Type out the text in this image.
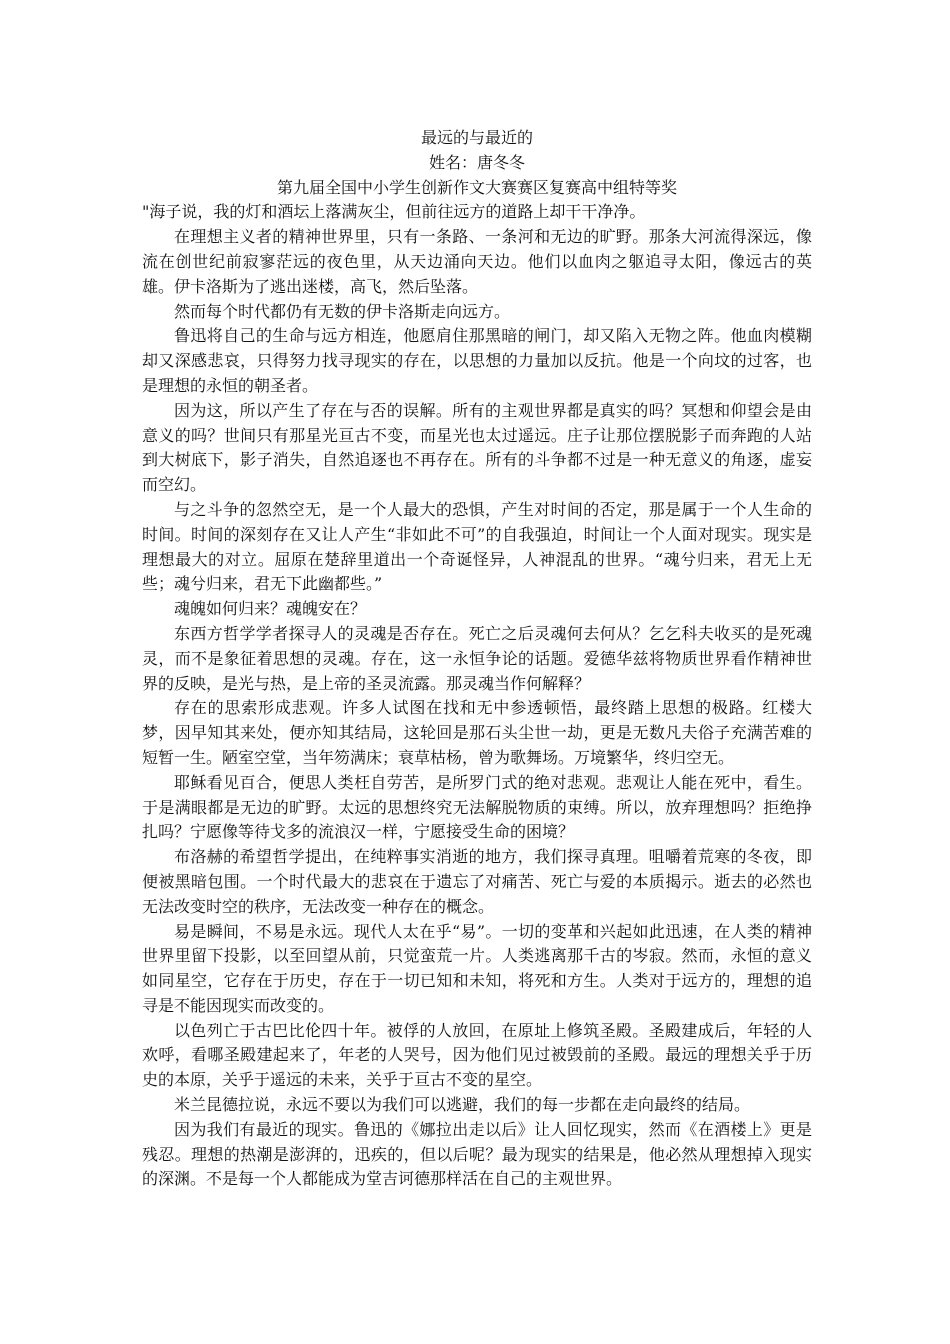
最远的与最近的

姓名：唐冬冬

第九届全国中小学生创新作文大赛赛区复赛高中组特等奖

"海子说，我的灯和酒坛上落满灰尘，但前往远方的道路上却干干净净。

在理想主义者的精神世界里，只有一条路、一条河和无边的旷野。那条大河流得深远，像流在创世纪前寂寥茫远的夜色里，从天边涌向天边。他们以血肉之躯追寻太阳，像远古的英雄。伊卡洛斯为了逃出迷楼，高飞，然后坠落。

然而每个时代都仍有无数的伊卡洛斯走向远方。

鲁迅将自己的生命与远方相连，他愿肩住那黑暗的闸门，却又陷入无物之阵。他血肉模糊却又深感悲哀，只得努力找寻现实的存在，以思想的力量加以反抗。他是一个向坟的过客，也是理想的永恒的朝圣者。

因为这，所以产生了存在与否的误解。所有的主观世界都是真实的吗？冥想和仰望会是由意义的吗？世间只有那星光亘古不变，而星光也太过遥远。庄子让那位摆脱影子而奔跑的人站到大树底下，影子消失，自然追逐也不再存在。所有的斗争都不过是一种无意义的角逐，虚妄而空幻。

与之斗争的忽然空无，是一个人最大的恐惧，产生对时间的否定，那是属于一个人生命的时间。时间的深刻存在又让人产生“非如此不可”的自我强迫，时间让一个人面对现实。现实是理想最大的对立。屈原在楚辞里道出一个奇诞怪异，人神混乱的世界。“魂兮归来，君无上无些；魂兮归来，君无下此幽都些。”

魂魄如何归来？魂魄安在？

东西方哲学学者探寻人的灵魂是否存在。死亡之后灵魂何去何从？乞乞科夫收买的是死魂灵，而不是象征着思想的灵魂。存在，这一永恒争论的话题。爱德华兹将物质世界看作精神世界的反映，是光与热，是上帝的圣灵流露。那灵魂当作何解释？

存在的思索形成悲观。许多人试图在找和无中参透顿悟，最终踏上思想的极路。红楼大梦，因早知其来处，便亦知其结局，这轮回是那石头尘世一劫，更是无数凡夫俗子充满苦难的短暂一生。陋室空堂，当年笏满床；衰草枯杨，曾为歌舞场。万境繁华，终归空无。

耶稣看见百合，便思人类枉自劳苦，是所罗门式的绝对悲观。悲观让人能在死中，看生。于是满眼都是无边的旷野。太远的思想终究无法解脱物质的束缚。所以，放弃理想吗？拒绝挣扎吗？宁愿像等待戈多的流浪汉一样，宁愿接受生命的困境？

布洛赫的希望哲学提出，在纯粹事实消逝的地方，我们探寻真理。咀嚼着荒寒的冬夜，即便被黑暗包围。一个时代最大的悲哀在于遗忘了对痛苦、死亡与爱的本质揭示。逝去的必然也无法改变时空的秩序，无法改变一种存在的概念。

易是瞬间，不易是永远。现代人太在乎“易”。一切的变革和兴起如此迅速，在人类的精神世界里留下投影，以至回望从前，只觉蛮荒一片。人类逃离那千古的岑寂。然而，永恒的意义如同星空，它存在于历史，存在于一切已知和未知，将死和方生。人类对于远方的，理想的追寻是不能因现实而改变的。

以色列亡于古巴比伦四十年。被俘的人放回，在原址上修筑圣殿。圣殿建成后，年轻的人欢呼，看哪圣殿建起来了，年老的人哭号，因为他们见过被毁前的圣殿。最远的理想关乎于历史的本原，关乎于遥远的未来，关乎于亘古不变的星空。

米兰昆德拉说，永远不要以为我们可以逃避，我们的每一步都在走向最终的结局。

因为我们有最近的现实。鲁迅的《娜拉出走以后》让人回忆现实，然而《在酒楼上》更是残忍。理想的热潮是澎湃的，迅疾的，但以后呢？最为现实的结果是，他必然从理想掉入现实的深渊。不是每一个人都能成为堂吉诃德那样活在自己的主观世界。
